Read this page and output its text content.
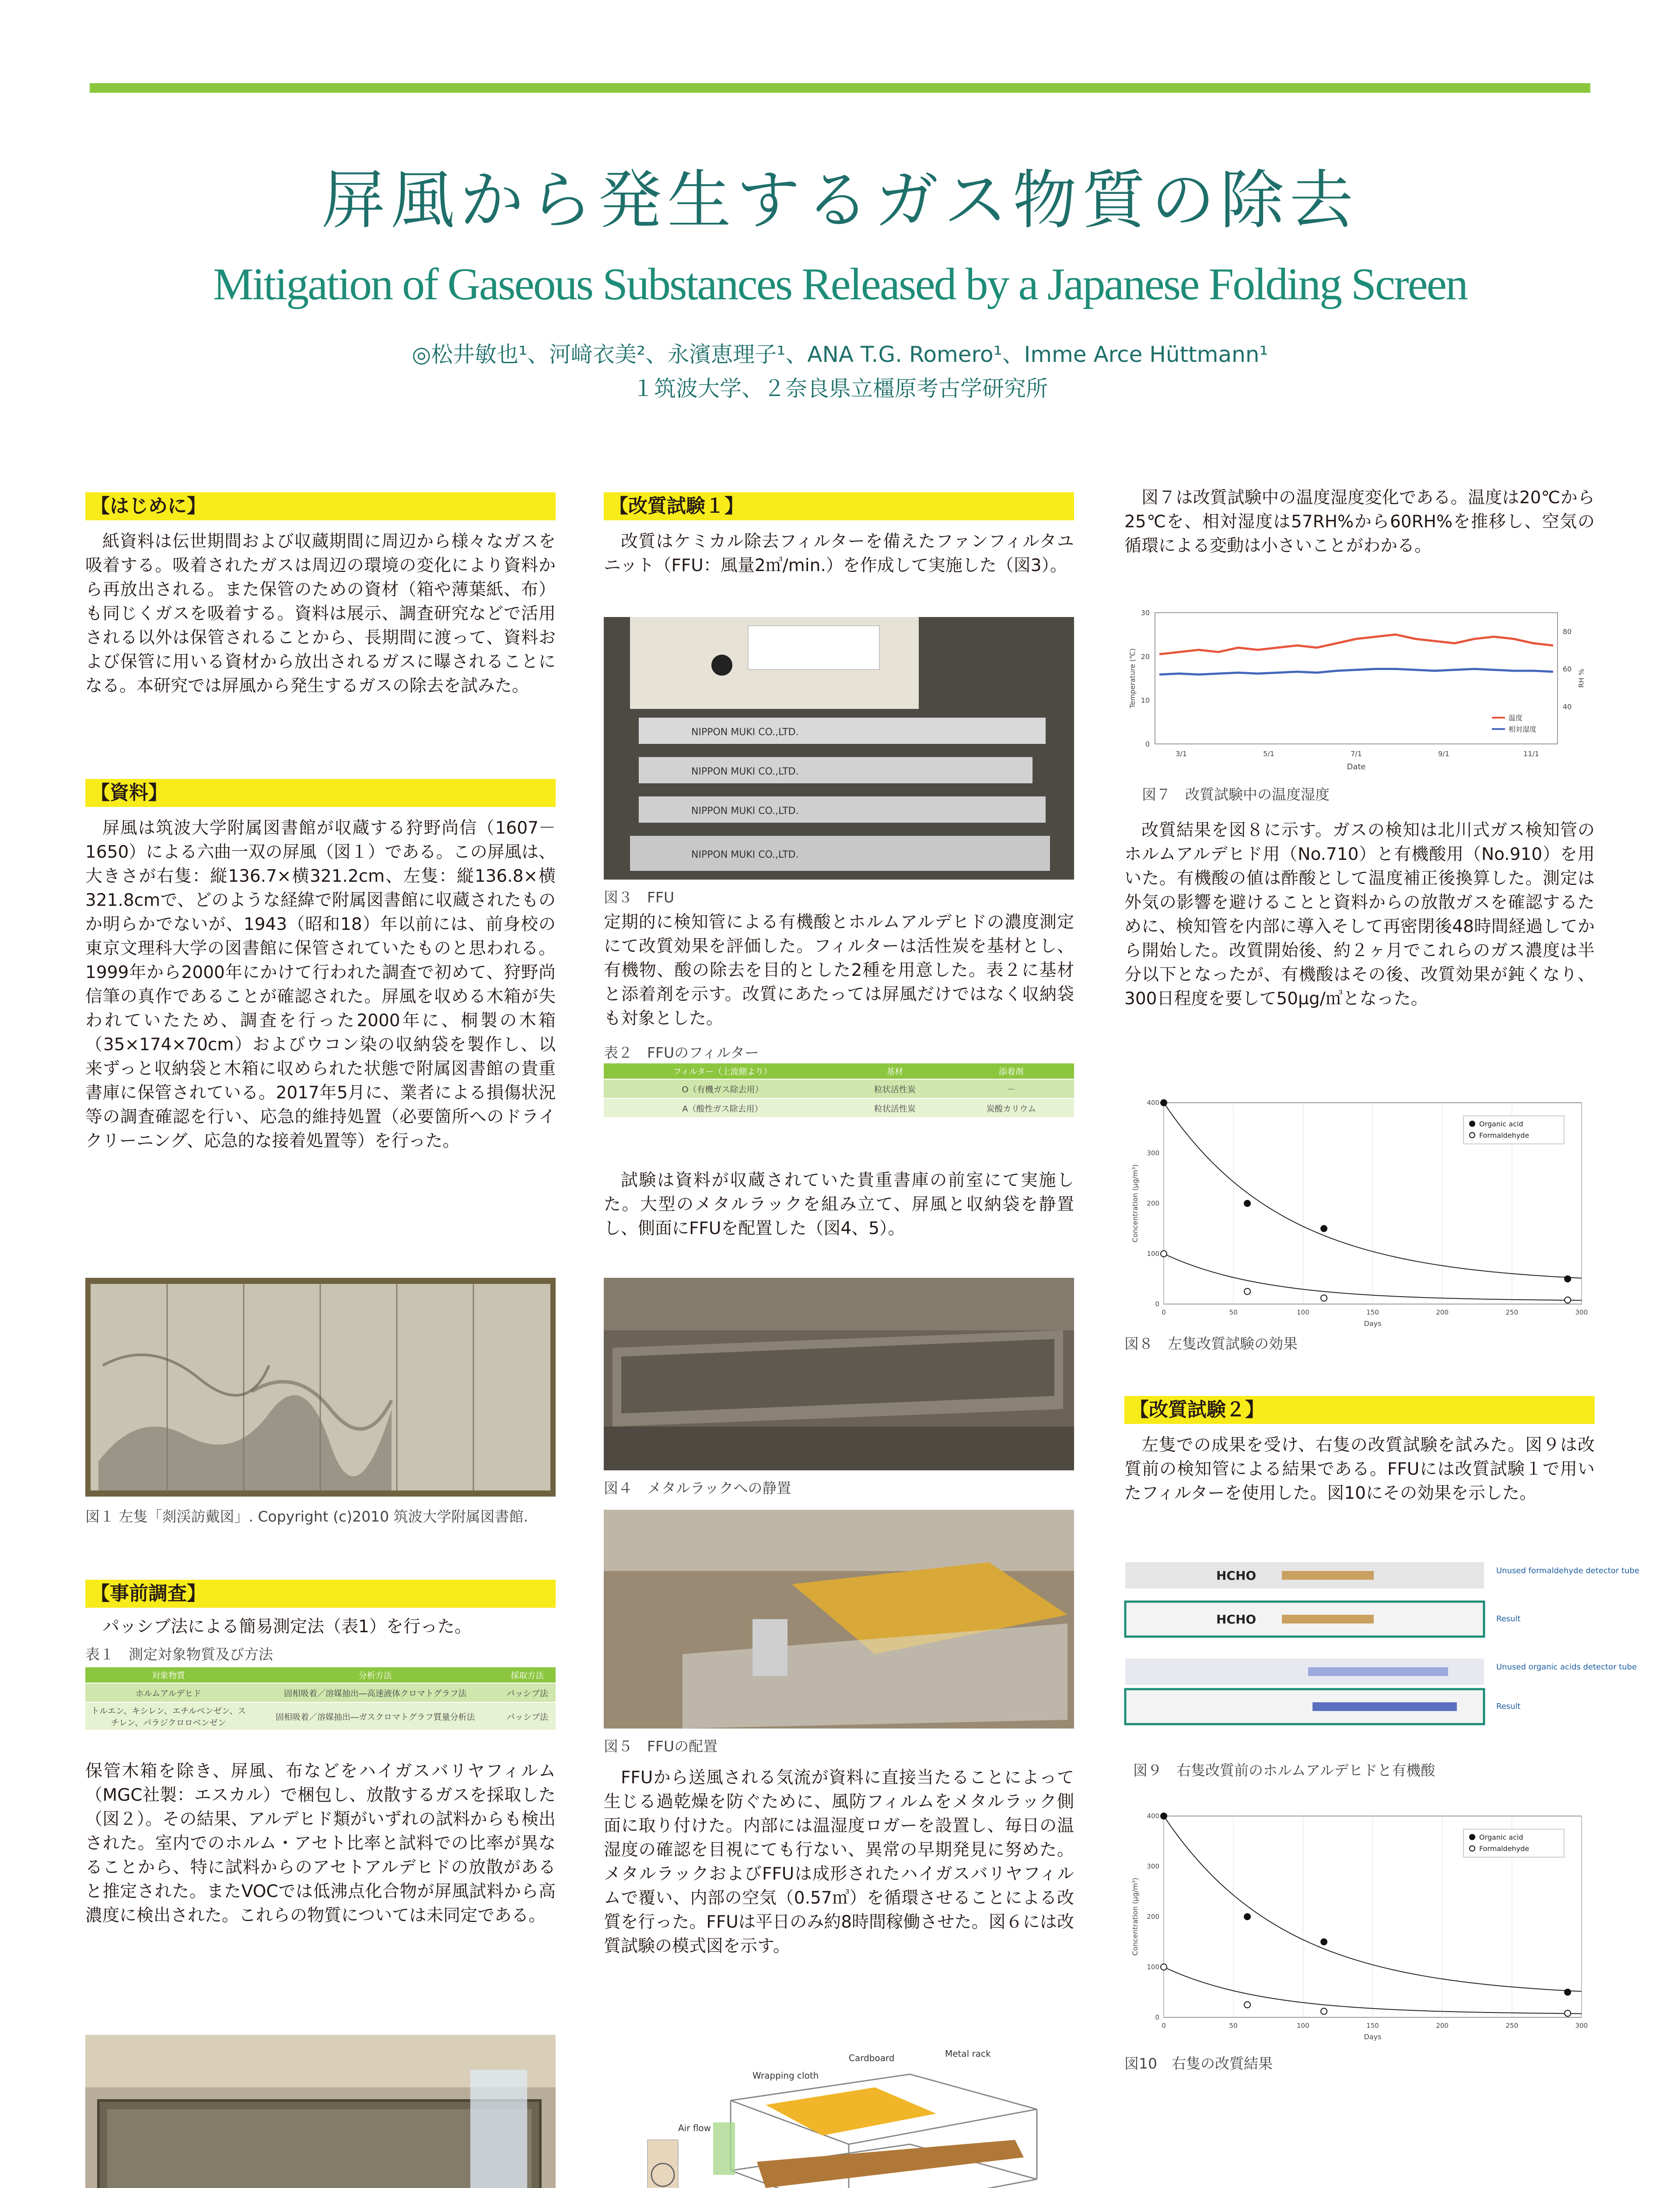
屏風から発生するガス物質の除去
Mitigation of Gaseous Substances Released by a Japanese Folding Screen
◎松井敏也¹、河﨑衣美²、永濱恵理子¹、ANA T.G. Romero¹、Imme Arce Hüttmann¹
１筑波大学、２奈良県立橿原考古学研究所
【はじめに】
紙資料は伝世期間および収蔵期間に周辺から様々なガスを吸着する。吸着されたガスは周辺の環境の変化により資料から再放出される。また保管のための資材（箱や薄葉紙、布）も同じくガスを吸着する。資料は展示、調査研究などで活用される以外は保管されることから、長期間に渡って、資料および保管に用いる資材から放出されるガスに曝されることになる。本研究では屏風から発生するガスの除去を試みた。
【資料】
屏風は筑波大学附属図書館が収蔵する狩野尚信（1607－1650）による六曲一双の屏風（図１）である。この屏風は、大きさが右隻：縦136.7×横321.2cm、左隻：縦136.8×横321.8cmで、どのような経緯で附属図書館に収蔵されたものか明らかでないが、1943（昭和18）年以前には、前身校の東京文理科大学の図書館に保管されていたものと思われる。1999年から2000年にかけて行われた調査で初めて、狩野尚信筆の真作であることが確認された。屏風を収める木箱が失われていたため、調査を行った2000年に、桐製の木箱（35×174×70cm）およびウコン染の収納袋を製作し、以来ずっと収納袋と木箱に収められた状態で附属図書館の貴重書庫に保管されている。2017年5月に、業者による損傷状況等の調査確認を行い、応急的維持処置（必要箇所へのドライクリーニング、応急的な接着処置等）を行った。
図１ 左隻「剡渓訪戴図」. Copyright (c)2010 筑波大学附属図書館.
【事前調査】
パッシブ法による簡易測定法（表1）を行った。
表１　測定対象物質及び方法
対象物質	分析方法	採取方法
ホルムアルデヒド	固相吸着／溶媒抽出―高速液体クロマトグラフ法	パッシブ法
トルエン、キシレン、エチルベンゼン、スチレン、パラジクロロベンゼン	固相吸着／溶媒抽出―ガスクロマトグラフ質量分析法	パッシブ法
保管木箱を除き、屏風、布などをハイガスバリヤフィルム（MGC社製：エスカル）で梱包し、放散するガスを採取した（図２）。その結果、アルデヒド類がいずれの試料からも検出された。室内でのホルム・アセト比率と試料での比率が異なることから、特に試料からのアセトアルデヒドの放散があると推定された。またVOCでは低沸点化合物が屏風試料から高濃度に検出された。これらの物質については未同定である。
【改質試験１】
改質はケミカル除去フィルターを備えたファンフィルタユニット（FFU：風量2㎥/min.）を作成して実施した（図3）。
NIPPON MUKI CO.,LTD.
NIPPON MUKI CO.,LTD.
NIPPON MUKI CO.,LTD.
NIPPON MUKI CO.,LTD.
図３　FFU
定期的に検知管による有機酸とホルムアルデヒドの濃度測定にて改質効果を評価した。フィルターは活性炭を基材とし、有機物、酸の除去を目的とした2種を用意した。表２に基材と添着剤を示す。改質にあたっては屏風だけではなく収納袋も対象とした。
表２　FFUのフィルター
フィルター（上流側より）	基材	添着剤
O（有機ガス除去用）	粒状活性炭	－
A（酸性ガス除去用）	粒状活性炭	炭酸カリウム
試験は資料が収蔵されていた貴重書庫の前室にて実施した。大型のメタルラックを組み立て、屏風と収納袋を静置し、側面にFFUを配置した（図4、5）。
図４　メタルラックへの静置
図５　FFUの配置
FFUから送風される気流が資料に直接当たることによって生じる過乾燥を防ぐために、風防フィルムをメタルラック側面に取り付けた。内部には温湿度ロガーを設置し、毎日の温湿度の確認を目視にても行ない、異常の早期発見に努めた。メタルラックおよびFFUは成形されたハイガスバリヤフィルムで覆い、内部の空気（0.57㎥）を循環させることによる改質を行った。FFUは平日のみ約8時間稼働させた。図６には改質試験の模式図を示す。
Cardboard	Metal rack
Wrapping cloth
Air flow
図７は改質試験中の温度湿度変化である。温度は20℃から25℃を、相対湿度は57RH%から60RH%を推移し、空気の循環による変動は小さいことがわかる。
0
10
20
30
40
60
80
3/1	5/1	7/1	9/1	11/1
Date
Temperature (℃)	RH %
温度
相対湿度
図７　改質試験中の温度湿度
改質結果を図８に示す。ガスの検知は北川式ガス検知管のホルムアルデヒド用（No.710）と有機酸用（No.910）を用いた。有機酸の値は酢酸として温度補正後換算した。測定は外気の影響を避けることと資料からの放散ガスを確認するために、検知管を内部に導入そして再密閉後48時間経過してから開始した。改質開始後、約２ヶ月でこれらのガス濃度は半分以下となったが、有機酸はその後、改質効果が鈍くなり、300日程度を要して50μg/㎥となった。
0	50	100	150	200	250	300
0
100
200
300
400
Days
Concentration (μg/m³)
Organic acid
Formaldehyde
図８　左隻改質試験の効果
【改質試験２】
左隻での成果を受け、右隻の改質試験を試みた。図９は改質前の検知管による結果である。FFUには改質試験１で用いたフィルターを使用した。図10にその効果を示した。
HCHO
HCHO
Unused formaldehyde detector tube
Result
Unused organic acids detector tube
Result
図９　右隻改質前のホルムアルデヒドと有機酸
0	50	100	150	200	250	300
0
100
200
300
400
Days
Concentration (μg/m³)
Organic acid
Formaldehyde
図10　右隻の改質結果
